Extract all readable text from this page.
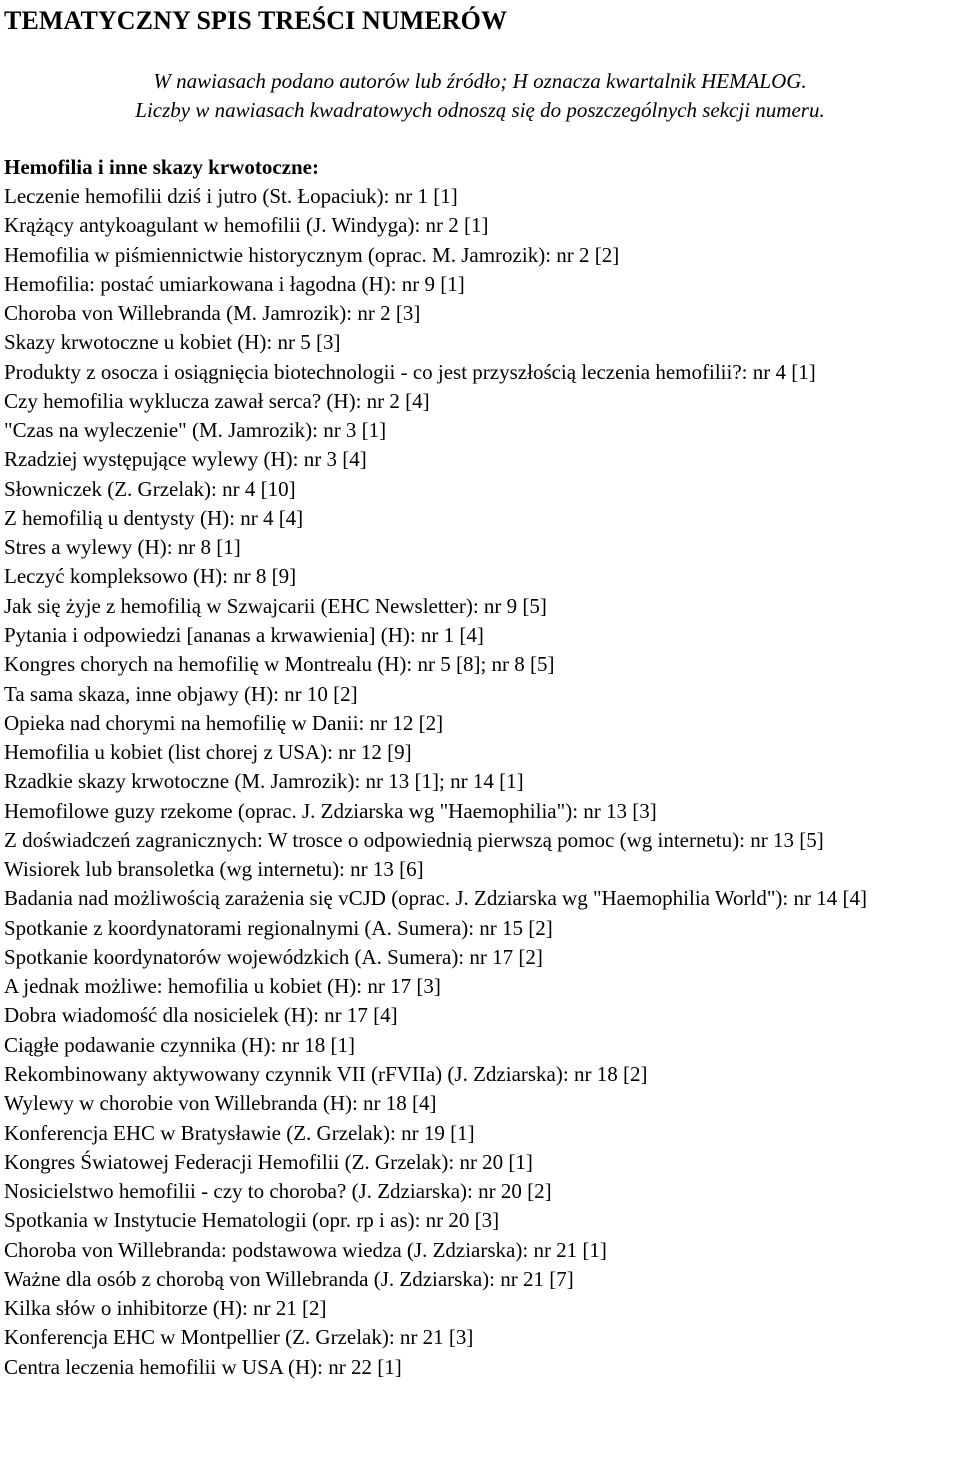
TEMATYCZNY SPIS TREŚCI NUMERÓW
W nawiasach podano autorów lub źródło; H oznacza kwartalnik HEMALOG.
Liczby w nawiasach kwadratowych odnoszą się do poszczególnych sekcji numeru.
Hemofilia i inne skazy krwotoczne:
Leczenie hemofilii dziś i jutro (St. Łopaciuk): nr 1 [1]
Krążący antykoagulant w hemofilii (J. Windyga): nr 2 [1]
Hemofilia w piśmiennictwie historycznym (oprac. M. Jamrozik): nr 2 [2]
Hemofilia: postać umiarkowana i łagodna (H): nr 9 [1]
Choroba von Willebranda (M. Jamrozik): nr 2 [3]
Skazy krwotoczne u kobiet (H): nr 5 [3]
Produkty z osocza i osiągnięcia biotechnologii - co jest przyszłością leczenia hemofilii?: nr 4 [1]
Czy hemofilia wyklucza zawał serca? (H): nr 2 [4]
"Czas na wyleczenie" (M. Jamrozik): nr 3 [1]
Rzadziej występujące wylewy (H): nr 3 [4]
Słowniczek (Z. Grzelak): nr 4 [10]
Z hemofilią u dentysty (H): nr 4 [4]
Stres a wylewy (H): nr 8 [1]
Leczyć kompleksowo (H): nr 8 [9]
Jak się żyje z hemofilią w Szwajcarii (EHC Newsletter): nr 9 [5]
Pytania i odpowiedzi [ananas a krwawienia] (H): nr 1 [4]
Kongres chorych na hemofilię w Montrealu (H): nr 5 [8]; nr 8 [5]
Ta sama skaza, inne objawy (H): nr 10 [2]
Opieka nad chorymi na hemofilię w Danii: nr 12 [2]
Hemofilia u kobiet (list chorej z USA): nr 12 [9]
Rzadkie skazy krwotoczne (M. Jamrozik): nr 13 [1]; nr 14 [1]
Hemofilowe guzy rzekome (oprac. J. Zdziarska wg "Haemophilia"): nr 13 [3]
Z doświadczeń zagranicznych: W trosce o odpowiednią pierwszą pomoc (wg internetu): nr 13 [5]
Wisiorek lub bransoletka (wg internetu): nr 13 [6]
Badania nad możliwością zarażenia się vCJD (oprac. J. Zdziarska wg "Haemophilia World"): nr 14 [4]
Spotkanie z koordynatorami regionalnymi (A. Sumera): nr 15 [2]
Spotkanie koordynatorów wojewódzkich (A. Sumera): nr 17 [2]
A jednak możliwe: hemofilia u kobiet (H): nr 17 [3]
Dobra wiadomość dla nosicielek (H): nr 17 [4]
Ciągłe podawanie czynnika (H): nr 18 [1]
Rekombinowany aktywowany czynnik VII (rFVIIa) (J. Zdziarska): nr 18 [2]
Wylewy w chorobie von Willebranda (H): nr 18 [4]
Konferencja EHC w Bratysławie (Z. Grzelak): nr 19 [1]
Kongres Światowej Federacji Hemofilii (Z. Grzelak): nr 20 [1]
Nosicielstwo hemofilii - czy to choroba? (J. Zdziarska): nr 20 [2]
Spotkania w Instytucie Hematologii (opr. rp i as): nr 20 [3]
Choroba von Willebranda: podstawowa wiedza (J. Zdziarska): nr 21 [1]
Ważne dla osób z chorobą von Willebranda (J. Zdziarska): nr 21 [7]
Kilka słów o inhibitorze (H): nr 21 [2]
Konferencja EHC w Montpellier (Z. Grzelak): nr 21 [3]
Centra leczenia hemofilii w USA (H): nr 22 [1]
